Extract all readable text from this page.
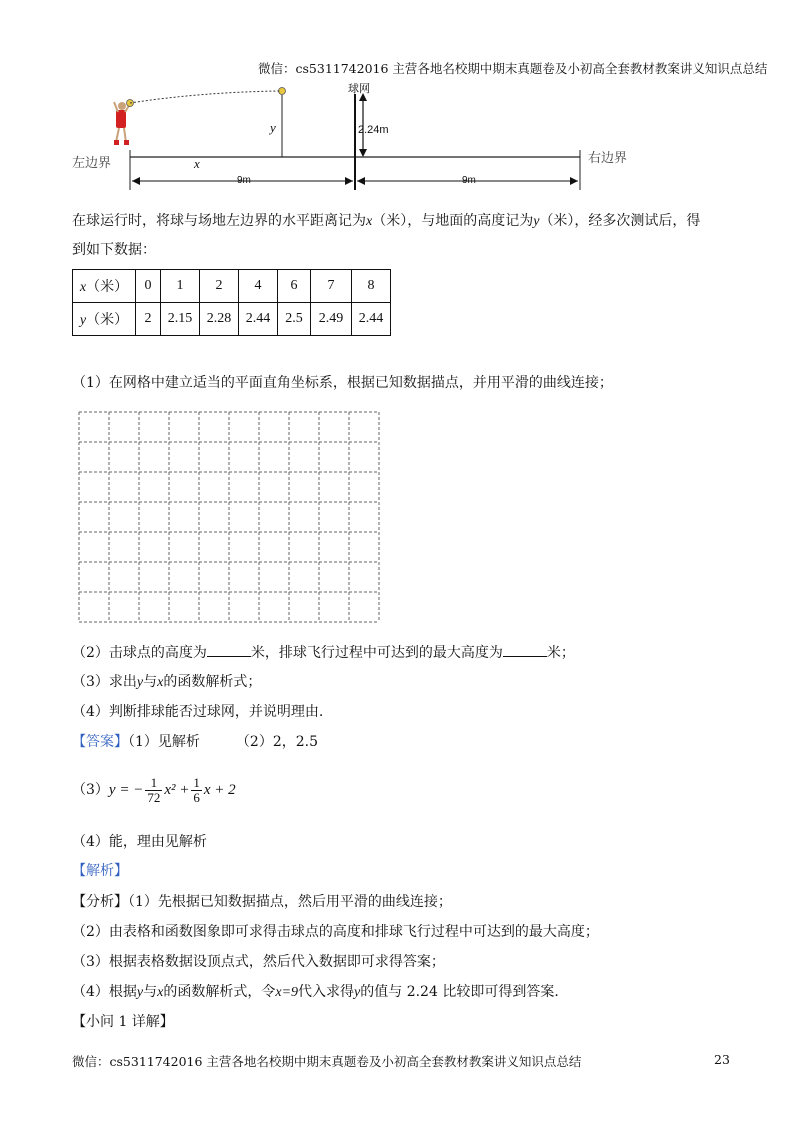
微信：cs5311742016 主营各地名校期中期末真题卷及小初高全套教材教案讲义知识点总结
左边界	右边界
球网
2.24m
y
x
9m	9m
在球运行时，将球与场地左边界的水平距离记为x（米），与地面的高度记为y（米），经多次测试后，得
到如下数据：
x（米）	0	1	2	4	6	7	8
y（米）	2	2.15	2.28	2.44	2.5	2.49	2.44
（1）在网格中建立适当的平面直角坐标系，根据已知数据描点，并用平滑的曲线连接；
（2）击球点的高度为	米，排球飞行过程中可达到的最大高度为	米；
（3）求出y与x的函数解析式；
（4）判断排球能否过球网，并说明理由.
【答案】（1）见解析	（2）2，2.5
（3） y = − $\frac{1}{72} x^2 + \frac{1}{6}$ x + 2
（4）能，理由见解析
【解析】
【分析】（1）先根据已知数据描点，然后用平滑的曲线连接；
（2）由表格和函数图象即可求得击球点的高度和排球飞行过程中可达到的最大高度；
（3）根据表格数据设顶点式，然后代入数据即可求得答案；
（4）根据y与x的函数解析式，令x=9代入求得y的值与 2.24 比较即可得到答案.
【小问 1 详解】
微信：cs5311742016 主营各地名校期中期末真题卷及小初高全套教材教案讲义知识点总结	23
